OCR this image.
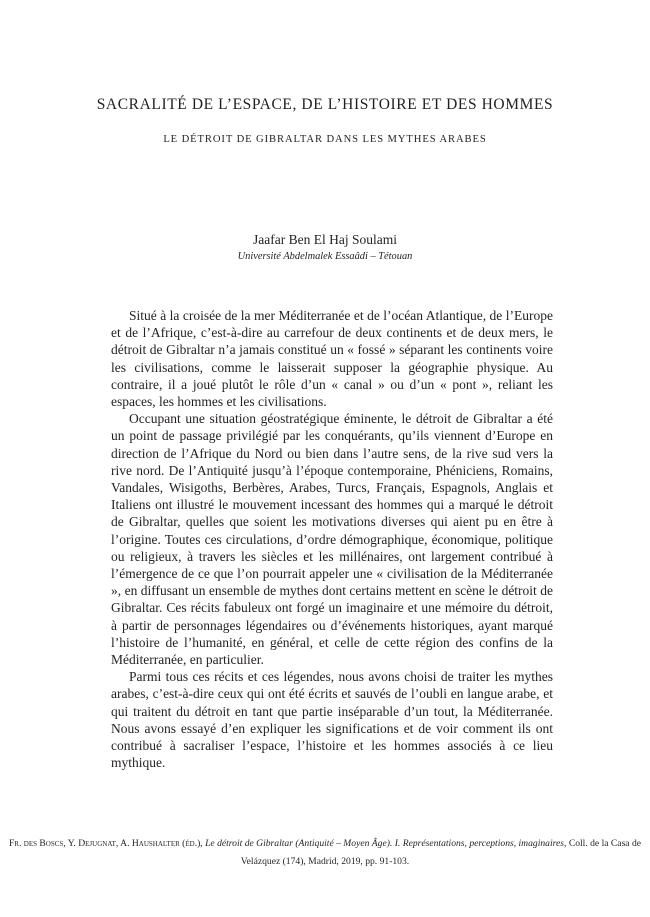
SACRALITÉ DE L’ESPACE, DE L’HISTOIRE ET DES HOMMES
LE DÉTROIT DE GIBRALTAR DANS LES MYTHES ARABES

Jaafar Ben El Haj Soulami

Université Abdelmalek Essaâdi – Tétouan

Situé à la croisée de la mer Méditerranée et de l’océan Atlantique, de l’Europe et de l’Afrique, c’est-à-dire au carrefour de deux continents et de deux mers, le détroit de Gibraltar n’a jamais constitué un « fossé » séparant les continents voire les civilisations, comme le laisserait supposer la géographie physique. Au contraire, il a joué plutôt le rôle d’un « canal » ou d’un « pont », reliant les espaces, les hommes et les civilisations.

Occupant une situation géostratégique éminente, le détroit de Gibraltar a été un point de passage privilégié par les conquérants, qu’ils viennent d’Europe en direction de l’Afrique du Nord ou bien dans l’autre sens, de la rive sud vers la rive nord. De l’Antiquité jusqu’à l’époque contemporaine, Phéniciens, Romains, Vandales, Wisigoths, Berbères, Arabes, Turcs, Français, Espagnols, Anglais et Italiens ont illustré le mouvement incessant des hommes qui a marqué le détroit de Gibraltar, quelles que soient les motivations diverses qui aient pu en être à l’origine. Toutes ces circulations, d’ordre démographique, économique, politique ou religieux, à travers les siècles et les millénaires, ont largement contribué à l’émergence de ce que l’on pourrait appeler une « civilisation de la Méditerranée », en diffusant un ensemble de mythes dont certains mettent en scène le détroit de Gibraltar. Ces récits fabuleux ont forgé un imaginaire et une mémoire du détroit, à partir de personnages légendaires ou d’événements historiques, ayant marqué l’histoire de l’humanité, en général, et celle de cette région des confins de la Méditerranée, en particulier.

Parmi tous ces récits et ces légendes, nous avons choisi de traiter les mythes arabes, c’est-à-dire ceux qui ont été écrits et sauvés de l’oubli en langue arabe, et qui traitent du détroit en tant que partie inséparable d’un tout, la Méditerranée. Nous avons essayé d’en expliquer les significations et de voir comment ils ont contribué à sacraliser l’espace, l’histoire et les hommes associés à ce lieu mythique.

Fr. des Boscs, Y. Dejugnat, A. Haushalter (éd.), Le détroit de Gibraltar (Antiquité – Moyen Âge). I. Représentations, perceptions, imaginaires, Coll. de la Casa de Velázquez (174), Madrid, 2019, pp. 91-103.
